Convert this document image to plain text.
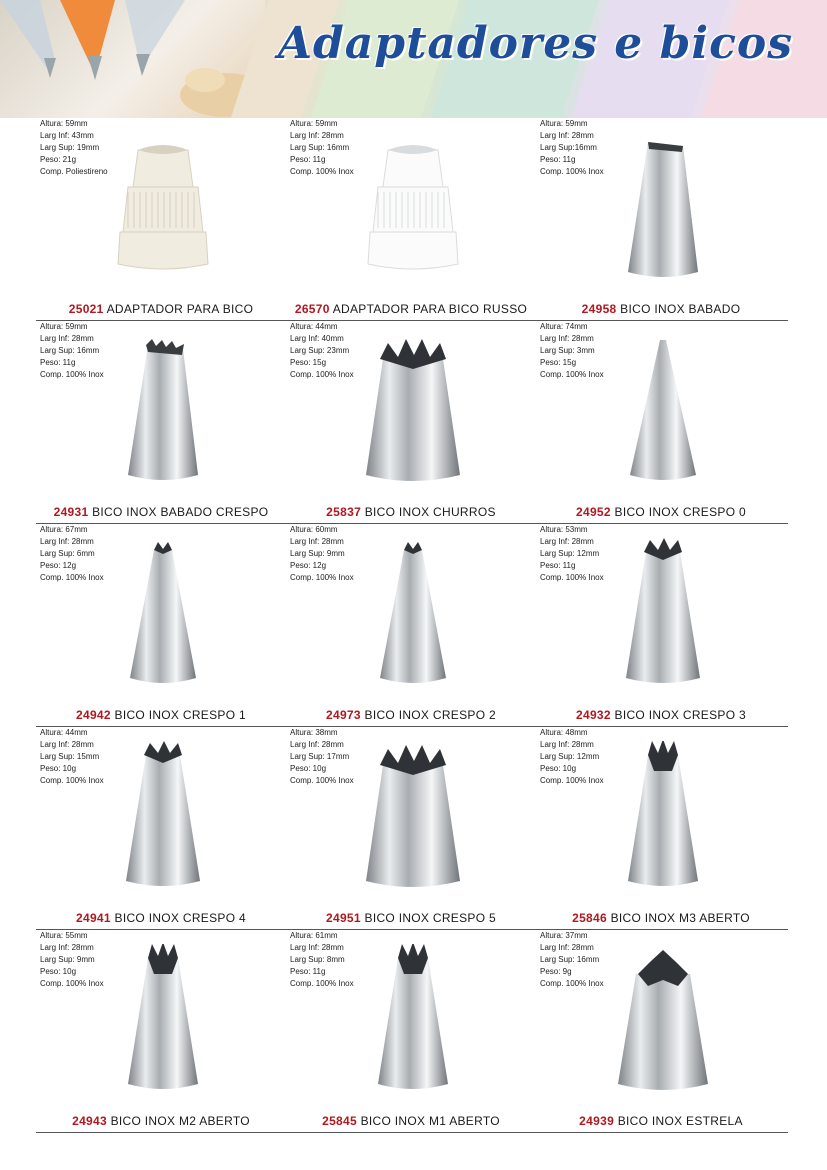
Adaptadores e bicos
Altura: 59mm
Larg Inf: 43mm
Larg Sup: 19mm
Peso: 21g
Comp. Poliestireno
25021 ADAPTADOR PARA BICO
Altura: 59mm
Larg Inf: 28mm
Larg Sup: 16mm
Peso: 11g
Comp. 100% Inox
26570 ADAPTADOR PARA BICO RUSSO
Altura: 59mm
Larg Inf: 28mm
Larg Sup:16mm
Peso: 11g
Comp. 100% Inox
24958 BICO INOX BABADO
Altura: 59mm
Larg Inf: 28mm
Larg Sup: 16mm
Peso: 11g
Comp. 100% Inox
24931 BICO INOX BABADO CRESPO
Altura: 44mm
Larg Inf: 40mm
Larg Sup: 23mm
Peso: 15g
Comp. 100% Inox
25837 BICO INOX CHURROS
Altura: 74mm
Larg Inf: 28mm
Larg Sup: 3mm
Peso: 15g
Comp. 100% Inox
24952 BICO INOX CRESPO 0
Altura: 67mm
Larg Inf: 28mm
Larg Sup: 6mm
Peso: 12g
Comp. 100% Inox
24942 BICO INOX CRESPO 1
Altura: 60mm
Larg Inf: 28mm
Larg Sup: 9mm
Peso: 12g
Comp. 100% Inox
24973 BICO INOX CRESPO 2
Altura: 53mm
Larg Inf: 28mm
Larg Sup: 12mm
Peso: 11g
Comp. 100% Inox
24932 BICO INOX CRESPO 3
Altura: 44mm
Larg Inf: 28mm
Larg Sup: 15mm
Peso: 10g
Comp. 100% Inox
24941 BICO INOX CRESPO 4
Altura: 38mm
Larg Inf: 28mm
Larg Sup: 17mm
Peso: 10g
Comp. 100% Inox
24951 BICO INOX CRESPO 5
Altura: 48mm
Larg Inf: 28mm
Larg Sup: 12mm
Peso: 10g
Comp. 100% Inox
25846 BICO INOX M3 ABERTO
Altura: 55mm
Larg Inf: 28mm
Larg Sup: 9mm
Peso: 10g
Comp. 100% Inox
24943 BICO INOX M2 ABERTO
Altura: 61mm
Larg Inf: 28mm
Larg Sup: 8mm
Peso: 11g
Comp. 100% Inox
25845 BICO INOX M1 ABERTO
Altura: 37mm
Larg Inf: 28mm
Larg Sup: 16mm
Peso: 9g
Comp. 100% Inox
24939 BICO INOX ESTRELA
